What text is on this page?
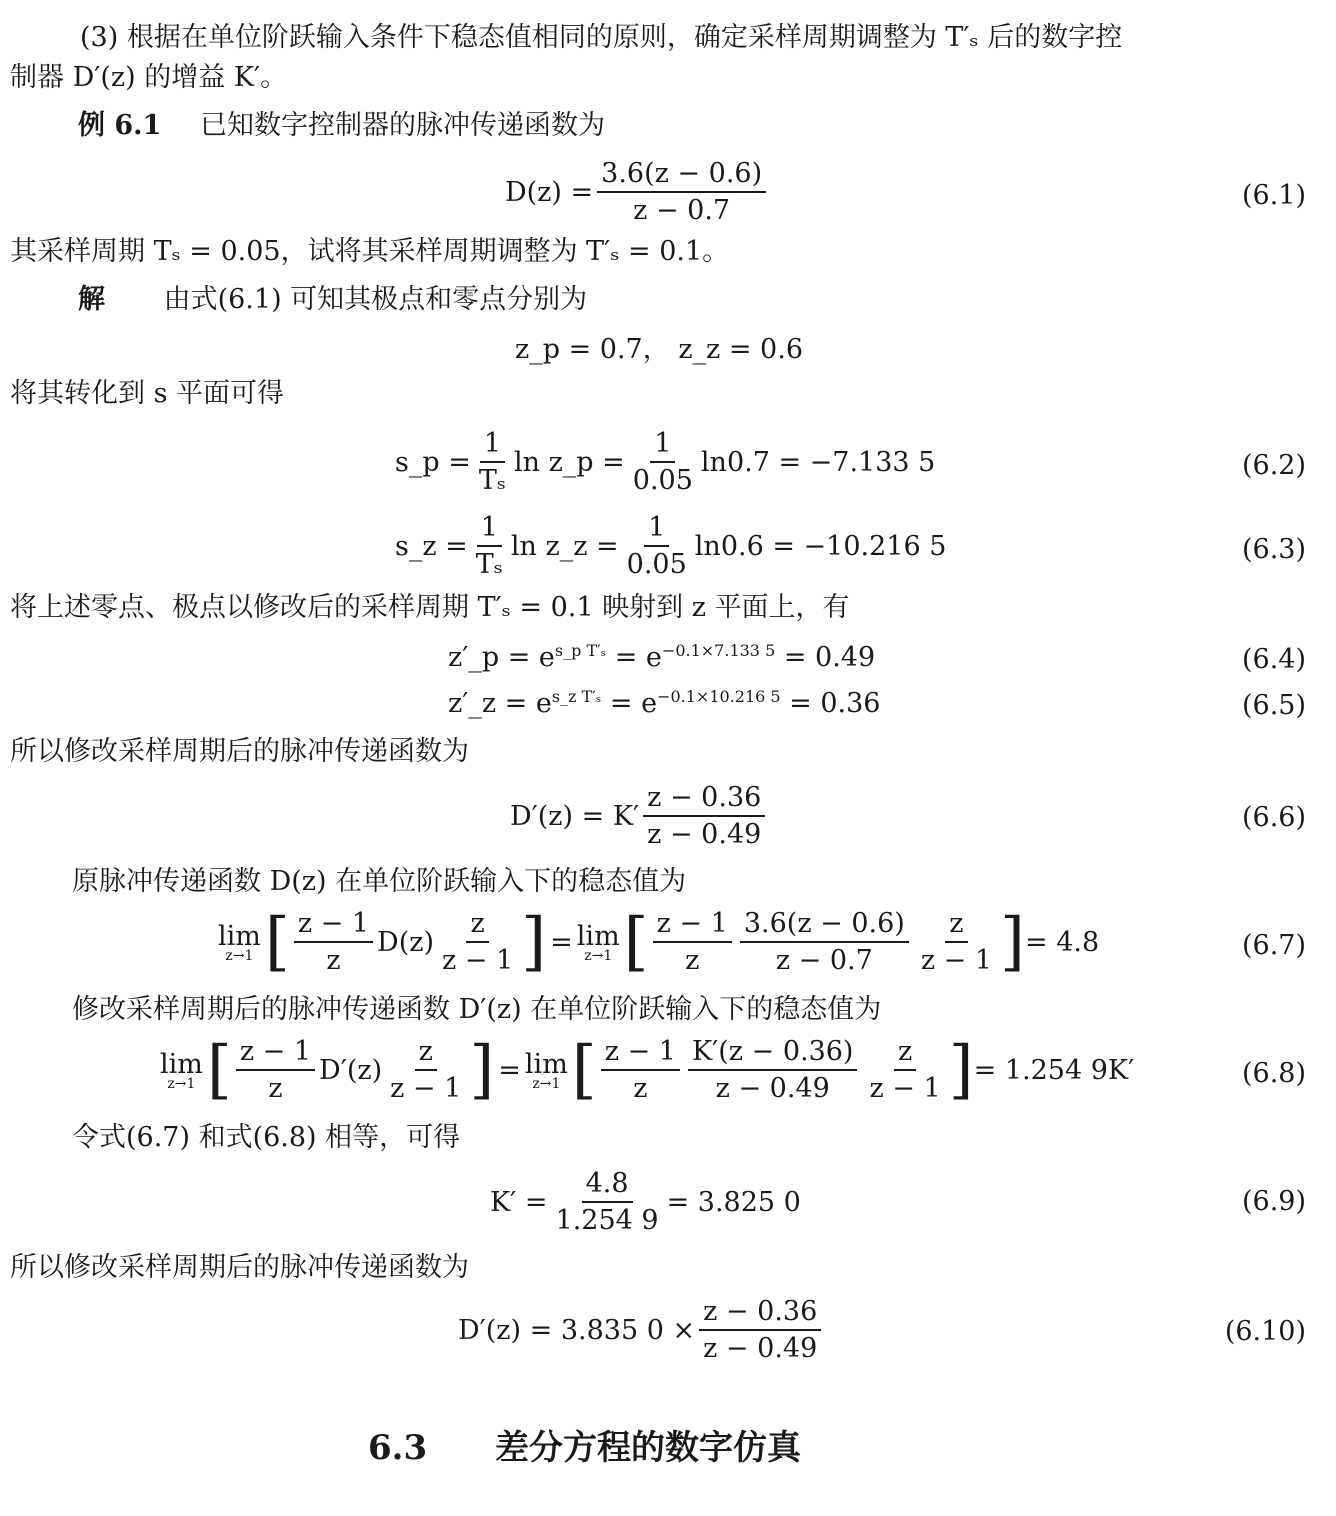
(3) 根据在单位阶跃输入条件下稳态值相同的原则，确定采样周期调整为 T′ₛ 后的数字控
制器 D′(z) 的增益 K′。
例 6.1 已知数字控制器的脉冲传递函数为
$D(z) = \frac{3.6(z - 0.6)}{z - 0.7}$	(6.1)
其采样周期 Tₛ = 0.05，试将其采样周期调整为 T′ₛ = 0.1。
解 由式(6.1) 可知其极点和零点分别为
z_p = 0.7， z_z = 0.6
将其转化到 s 平面可得
s_p = $\frac{1}{\text{Tₛ}}$ ln z_p = $\frac{1}{0.05} \ln 0.7 = -7.133$ 5	(6.2)
s_z = $\frac{1}{\text{Tₛ}}$ ln z_z = $\frac{1}{0.05} \ln 0.6 = -10.216$ 5	(6.3)
将上述零点、极点以修改后的采样周期 T′ₛ = 0.1 映射到 z 平面上，有
z′_p = $e^{s\_p T'_s} = e^{-0.1\times 7.133 5} = 0.49$	(6.4)
z′_z = $e^{s\_z T'_s} = e^{-0.1\times 10.216 5} = 0.36$	(6.5)
所以修改采样周期后的脉冲传递函数为
$D'(z) = K' \frac{z - 0.36}{z - 0.49}$	(6.6)
原脉冲传递函数 D(z) 在单位阶跃输入下的稳态值为
lim
z→1 [ $\frac{z - 1}{z} D(z) \frac{z}{z - 1}$ ] = lim
z→1 [ $\frac{z - 1}{z} \frac{3.6(z - 0.6)}{z - 0.7} \frac{z}{z - 1}$ ] = 4.8	(6.7)
修改采样周期后的脉冲传递函数 D′(z) 在单位阶跃输入下的稳态值为
lim
z→1 [ $\frac{z - 1}{z} D'(z) \frac{z}{z - 1}$ ] = lim
z→1 [ $\frac{z - 1}{z} \frac{K'(z - 0.36)}{z - 0.49} \frac{z}{z - 1}$ ] = 1.254 9K′	(6.8)
令式(6.7) 和式(6.8) 相等，可得
$K' = \frac{4.8}{1.254 9} = 3.825$ 0	(6.9)
所以修改采样周期后的脉冲传递函数为
D′(z) = 3.835 $0 \times \frac{z - 0.36}{z - 0.49}$	(6.10)
6.3 差分方程的数字仿真
